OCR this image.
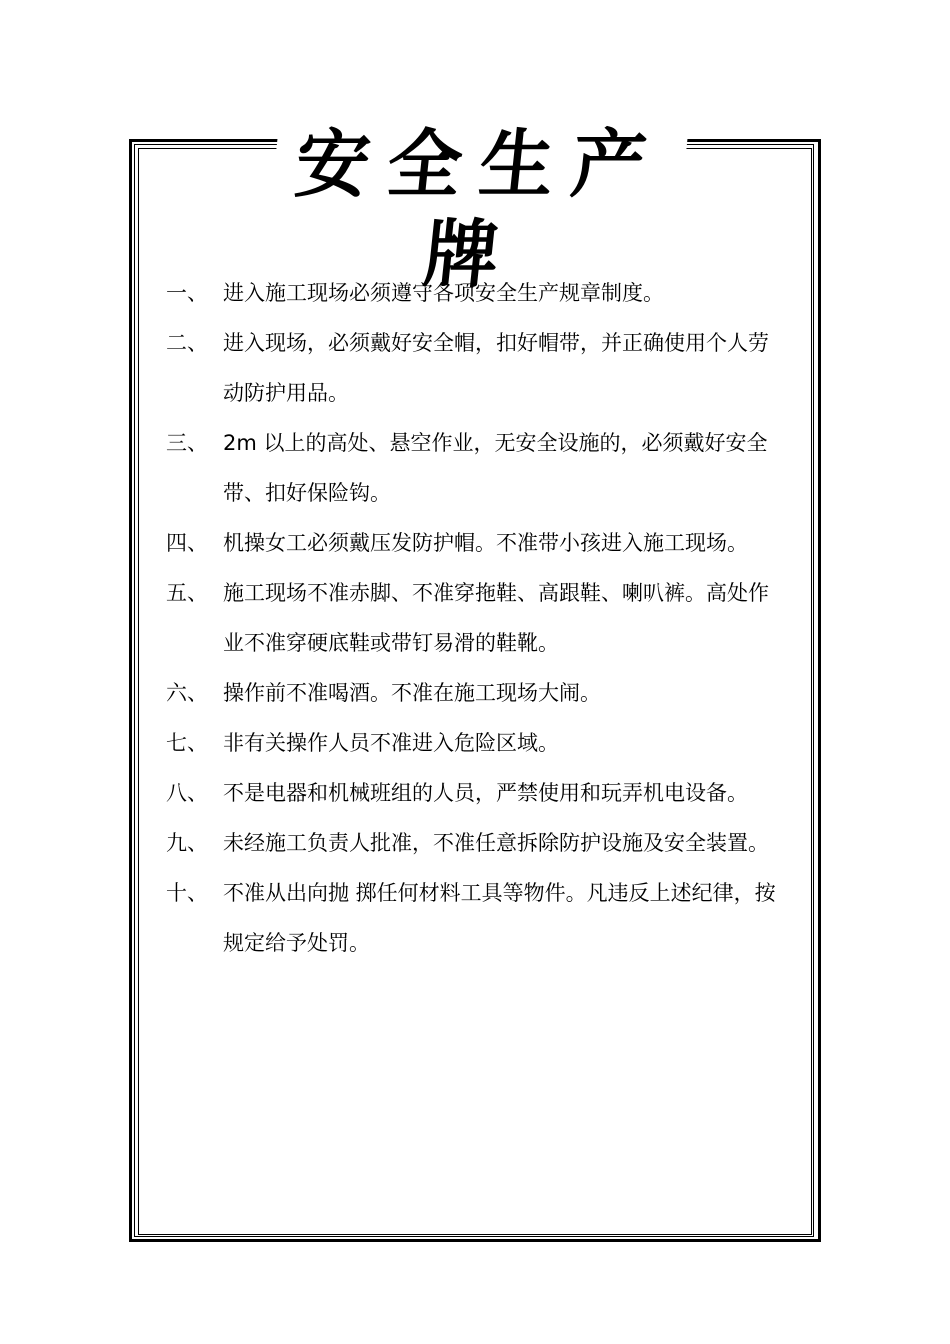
安全生产牌
一、 进入施工现场必须遵守各项安全生产规章制度。
二、 进入现场，必须戴好安全帽，扣好帽带，并正确使用个人劳
动防护用品。
三、 2m 以上的高处、悬空作业，无安全设施的，必须戴好安全
带、扣好保险钩。
四、 机操女工必须戴压发防护帽。不准带小孩进入施工现场。
五、 施工现场不准赤脚、不准穿拖鞋、高跟鞋、喇叭裤。高处作
业不准穿硬底鞋或带钉易滑的鞋靴。
六、 操作前不准喝酒。不准在施工现场大闹。
七、 非有关操作人员不准进入危险区域。
八、 不是电器和机械班组的人员，严禁使用和玩弄机电设备。
九、 未经施工负责人批准，不准任意拆除防护设施及安全装置。
十、 不准从出向抛 掷任何材料工具等物件。凡违反上述纪律，按
规定给予处罚。
